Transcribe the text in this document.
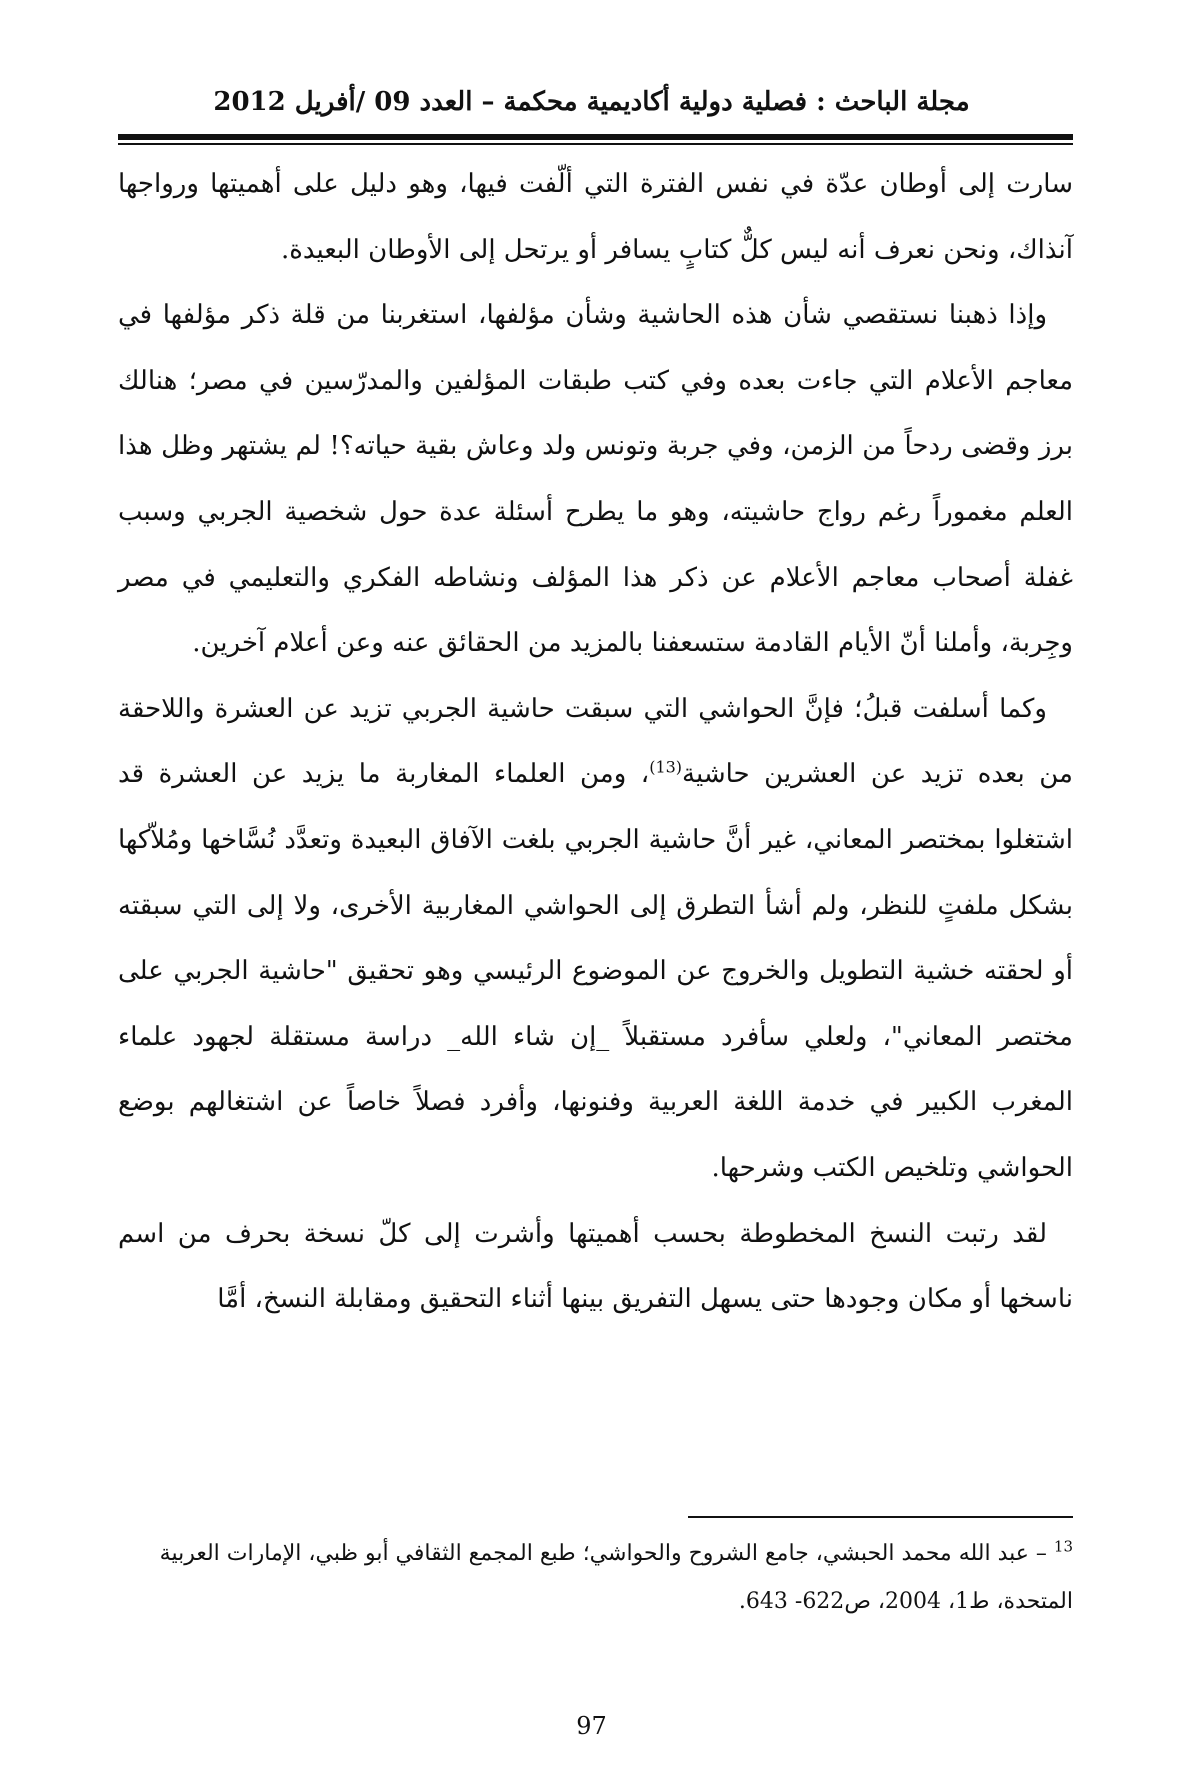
مجلة الباحث : فصلية دولية أكاديمية محكمة – العدد 09 /أفريل 2012

سارت إلى أوطان عدّة في نفس الفترة التي ألّفت فيها، وهو دليل على أهميتها ورواجها آنذاك، ونحن نعرف أنه ليس كلٌّ كتابٍ يسافر أو يرتحل إلى الأوطان البعيدة.

وإذا ذهبنا نستقصي شأن هذه الحاشية وشأن مؤلفها، استغربنا من قلة ذكر مؤلفها في معاجم الأعلام التي جاءت بعده وفي كتب طبقات المؤلفين والمدرّسين في مصر؛ هنالك برز وقضى ردحاً من الزمن، وفي جربة وتونس ولد وعاش بقية حياته؟! لم يشتهر وظل هذا العلم مغموراً رغم رواج حاشيته، وهو ما يطرح أسئلة عدة حول شخصية الجربي وسبب غفلة أصحاب معاجم الأعلام عن ذكر هذا المؤلف ونشاطه الفكري والتعليمي في مصر وجِربة، وأملنا أنّ الأيام القادمة ستسعفنا بالمزيد من الحقائق عنه وعن أعلام آخرين.

وكما أسلفت قبلُ؛ فإنَّ الحواشي التي سبقت حاشية الجربي تزيد عن العشرة واللاحقة من بعده تزيد عن العشرين حاشية$^{(13)}$، ومن العلماء المغاربة ما يزيد عن العشرة قد اشتغلوا بمختصر المعاني، غير أنَّ حاشية الجربي بلغت الآفاق البعيدة وتعدَّد نُسَّاخها ومُلاّكها بشكل ملفتٍ للنظر، ولم أشأ التطرق إلى الحواشي المغاربية الأخرى، ولا إلى التي سبقته أو لحقته خشية التطويل والخروج عن الموضوع الرئيسي وهو تحقيق "حاشية الجربي على مختصر المعاني"، ولعلي سأفرد مستقبلاً _إن شاء الله_ دراسة مستقلة لجهود علماء المغرب الكبير في خدمة اللغة العربية وفنونها، وأفرد فصلاً خاصاً عن اشتغالهم بوضع الحواشي وتلخيص الكتب وشرحها.

لقد رتبت النسخ المخطوطة بحسب أهميتها وأشرت إلى كلّ نسخة بحرف من اسم ناسخها أو مكان وجودها حتى يسهل التفريق بينها أثناء التحقيق ومقابلة النسخ، أمَّا

$^{13}$ – عبد الله محمد الحبشي، جامع الشروح والحواشي؛ طبع المجمع الثقافي أبو ظبي، الإمارات العربية المتحدة، ط1، 2004، ص622- 643.

97
